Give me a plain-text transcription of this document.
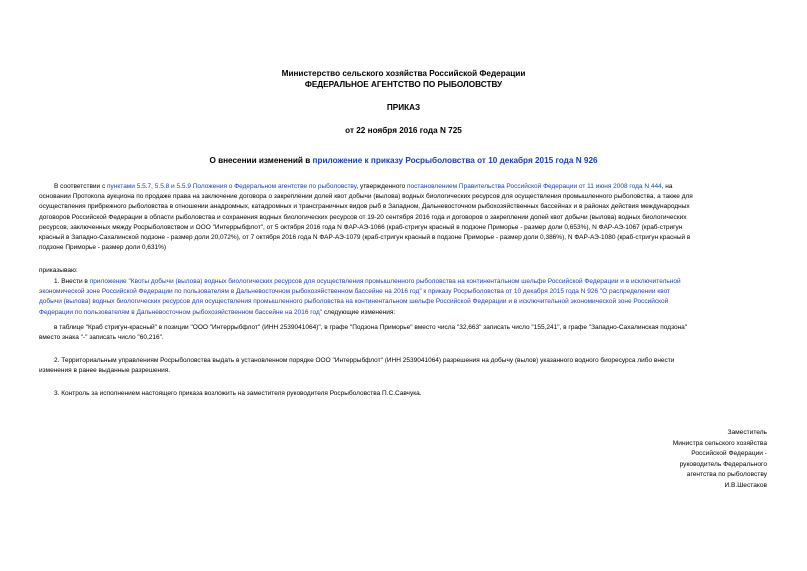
Министерство сельского хозяйства Российской Федерации
ФЕДЕРАЛЬНОЕ АГЕНТСТВО ПО РЫБОЛОВСТВУ
ПРИКАЗ
от 22 ноября 2016 года N 725
О внесении изменений в приложение к приказу Росрыболовства от 10 декабря 2015 года N 926
В соответствии с пунктами 5.5.7, 5.5.8 и 5.5.9 Положения о Федеральном агентстве по рыболовству, утвержденного постановлением Правительства Российской Федерации от 11 июня 2008 года N 444, на
основании Протокола аукциона по продаже права на заключение договора о закреплении долей квот добычи (вылова) водных биологических ресурсов для осуществления промышленного рыболовства, а также для
осуществления прибрежного рыболовства в отношении анадромных, катадромных и трансграничных видов рыб в Западном, Дальневосточном рыбохозяйственных бассейнах и в районах действия международных
договоров Российской Федерации в области рыболовства и сохранения водных биологических ресурсов от 19-20 сентября 2016 года и договоров о закреплении долей квот добычи (вылова) водных биологических
ресурсов, заключенных между Росрыболовством и ООО "Интеррыбфлот", от 5 октября 2016 года N ФАР-АЭ-1066 (краб-стригун красный в подзоне Приморье - размер доли 0,653%), N ФАР-АЭ-1067 (краб-стригун
красный в Западно-Сахалинской подзоне - размер доли 20,072%), от 7 октября 2016 года N ФАР-АЭ-1079 (краб-стригун красный в подзоне Приморье - размер доли 0,386%), N ФАР-АЭ-1080 (краб-стригун красный в
подзоне Приморье - размер доли 0,631%)
приказываю:
1. Внести в приложение "Квоты добычи (вылова) водных биологических ресурсов для осуществления промышленного рыболовства на континентальном шельфе Российской Федерации и в исключительной
экономической зоне Российской Федерации по пользователям в Дальневосточном рыбохозяйственном бассейне на 2016 год" к приказу Росрыболовства от 10 декабря 2015 года N 926 "О распределении квот
добычи (вылова) водных биологических ресурсов для осуществления промышленного рыболовства на континентальном шельфе Российской Федерации и в исключительной экономической зоне Российской
Федерации по пользователям в Дальневосточном рыбохозяйственном бассейне на 2016 год" следующие изменения:
в таблице "Краб стригун-красный" в позиции "ООО "Интеррыбфлот" (ИНН 2539041064)", в графе "Подзона Приморье" вместо числа "32,663" записать число "155,241", в графе "Западно-Сахалинская подзона"
вместо знака "-" записать число "60,216".
2. Территориальным управлениям Росрыболовства выдать в установленном порядке ООО "Интеррыбфлот" (ИНН 2539041064) разрешения на добычу (вылов) указанного водного биоресурса либо внести
изменения в ранее выданные разрешения.
3. Контроль за исполнением настоящего приказа возложить на заместителя руководителя Росрыболовства П.С.Савчука.
Заместитель
Министра сельского хозяйства
Российской Федерации -
руководитель Федерального
агентства по рыболовству
И.В.Шестаков
